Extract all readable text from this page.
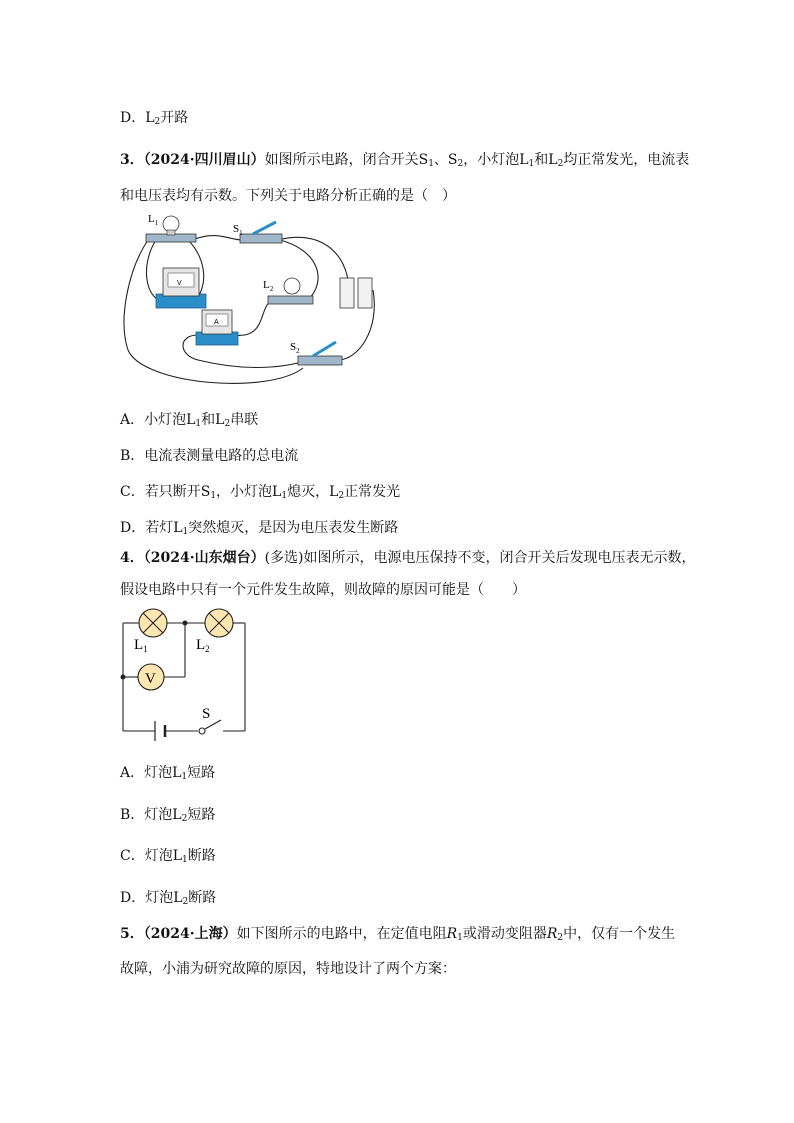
D．$L_2$开路
3．（2024·四川眉山）如图所示电路，闭合开关$S_1$、$S_2$，小灯泡$L_1$和$L_2$均正常发光，电流表
和电压表均有示数。下列关于电路分析正确的是（　）
$L_1$
V
$S_1$
$L_2$
A
$S_2$
A．小灯泡$L_1$和$L_2$串联
B．电流表测量电路的总电流
C．若只断开$S_1$，小灯泡$L_1$熄灭，$L_2$正常发光
D．若灯$L_1$突然熄灭，是因为电压表发生断路
4．（2024·山东烟台）(多选)如图所示，电源电压保持不变，闭合开关后发现电压表无示数，
假设电路中只有一个元件发生故障，则故障的原因可能是（　　）
V
$L_1$	$L_2$
S
A．灯泡$L_1$短路
B．灯泡$L_2$短路
C．灯泡$L_1$断路
D．灯泡$L_2$断路
5．（2024·上海）如下图所示的电路中，在定值电阻$R_1$或滑动变阻器$R_2$中，仅有一个发生
故障，小浦为研究故障的原因，特地设计了两个方案：
